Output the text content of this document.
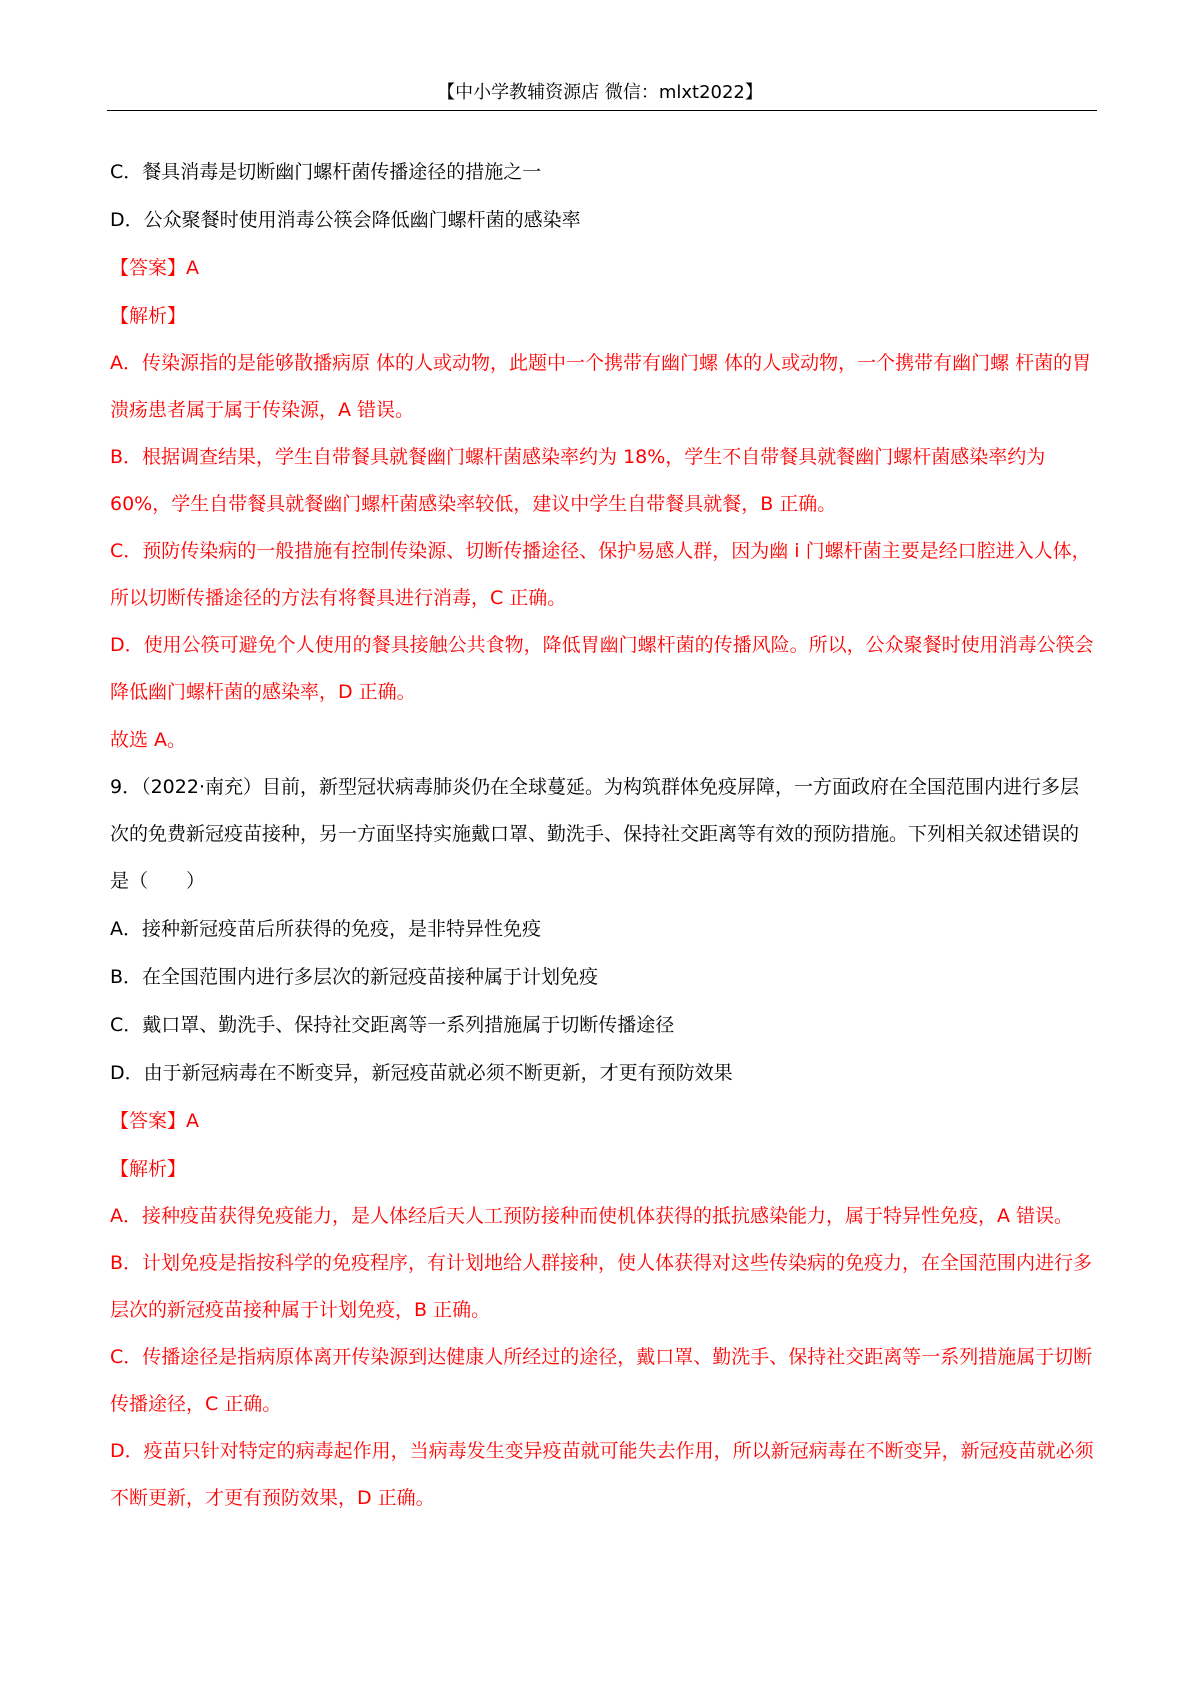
【中小学教辅资源店 微信：mlxt2022】

C．餐具消毒是切断幽门螺杆菌传播途径的措施之一

D．公众聚餐时使用消毒公筷会降低幽门螺杆菌的感染率

【答案】A

【解析】

A．传染源指的是能够散播病原 体的人或动物，此题中一个携带有幽门螺 体的人或动物，一个携带有幽门螺 杆菌的胃溃疡患者属于属于传染源，A 错误。

B．根据调查结果，学生自带餐具就餐幽门螺杆菌感染率约为 18%，学生不自带餐具就餐幽门螺杆菌感染率约为 60%，学生自带餐具就餐幽门螺杆菌感染率较低，建议中学生自带餐具就餐，B 正确。

C．预防传染病的一般措施有控制传染源、切断传播途径、保护易感人群，因为幽 i 门螺杆菌主要是经口腔进入人体，所以切断传播途径的方法有将餐具进行消毒，C 正确。

D．使用公筷可避免个人使用的餐具接触公共食物，降低胃幽门螺杆菌的传播风险。所以，公众聚餐时使用消毒公筷会降低幽门螺杆菌的感染率，D 正确。

故选 A。

9．（2022·南充）目前，新型冠状病毒肺炎仍在全球蔓延。为构筑群体免疫屏障，一方面政府在全国范围内进行多层次的免费新冠疫苗接种，另一方面坚持实施戴口罩、勤洗手、保持社交距离等有效的预防措施。下列相关叙述错误的是（　　）

A．接种新冠疫苗后所获得的免疫，是非特异性免疫

B．在全国范围内进行多层次的新冠疫苗接种属于计划免疫

C．戴口罩、勤洗手、保持社交距离等一系列措施属于切断传播途径

D．由于新冠病毒在不断变异，新冠疫苗就必须不断更新，才更有预防效果

【答案】A

【解析】

A．接种疫苗获得免疫能力，是人体经后天人工预防接种而使机体获得的抵抗感染能力，属于特异性免疫，A 错误。

B．计划免疫是指按科学的免疫程序，有计划地给人群接种，使人体获得对这些传染病的免疫力，在全国范围内进行多层次的新冠疫苗接种属于计划免疫，B 正确。

C．传播途径是指病原体离开传染源到达健康人所经过的途径，戴口罩、勤洗手、保持社交距离等一系列措施属于切断传播途径，C 正确。

D．疫苗只针对特定的病毒起作用，当病毒发生变异疫苗就可能失去作用，所以新冠病毒在不断变异，新冠疫苗就必须不断更新，才更有预防效果，D 正确。
